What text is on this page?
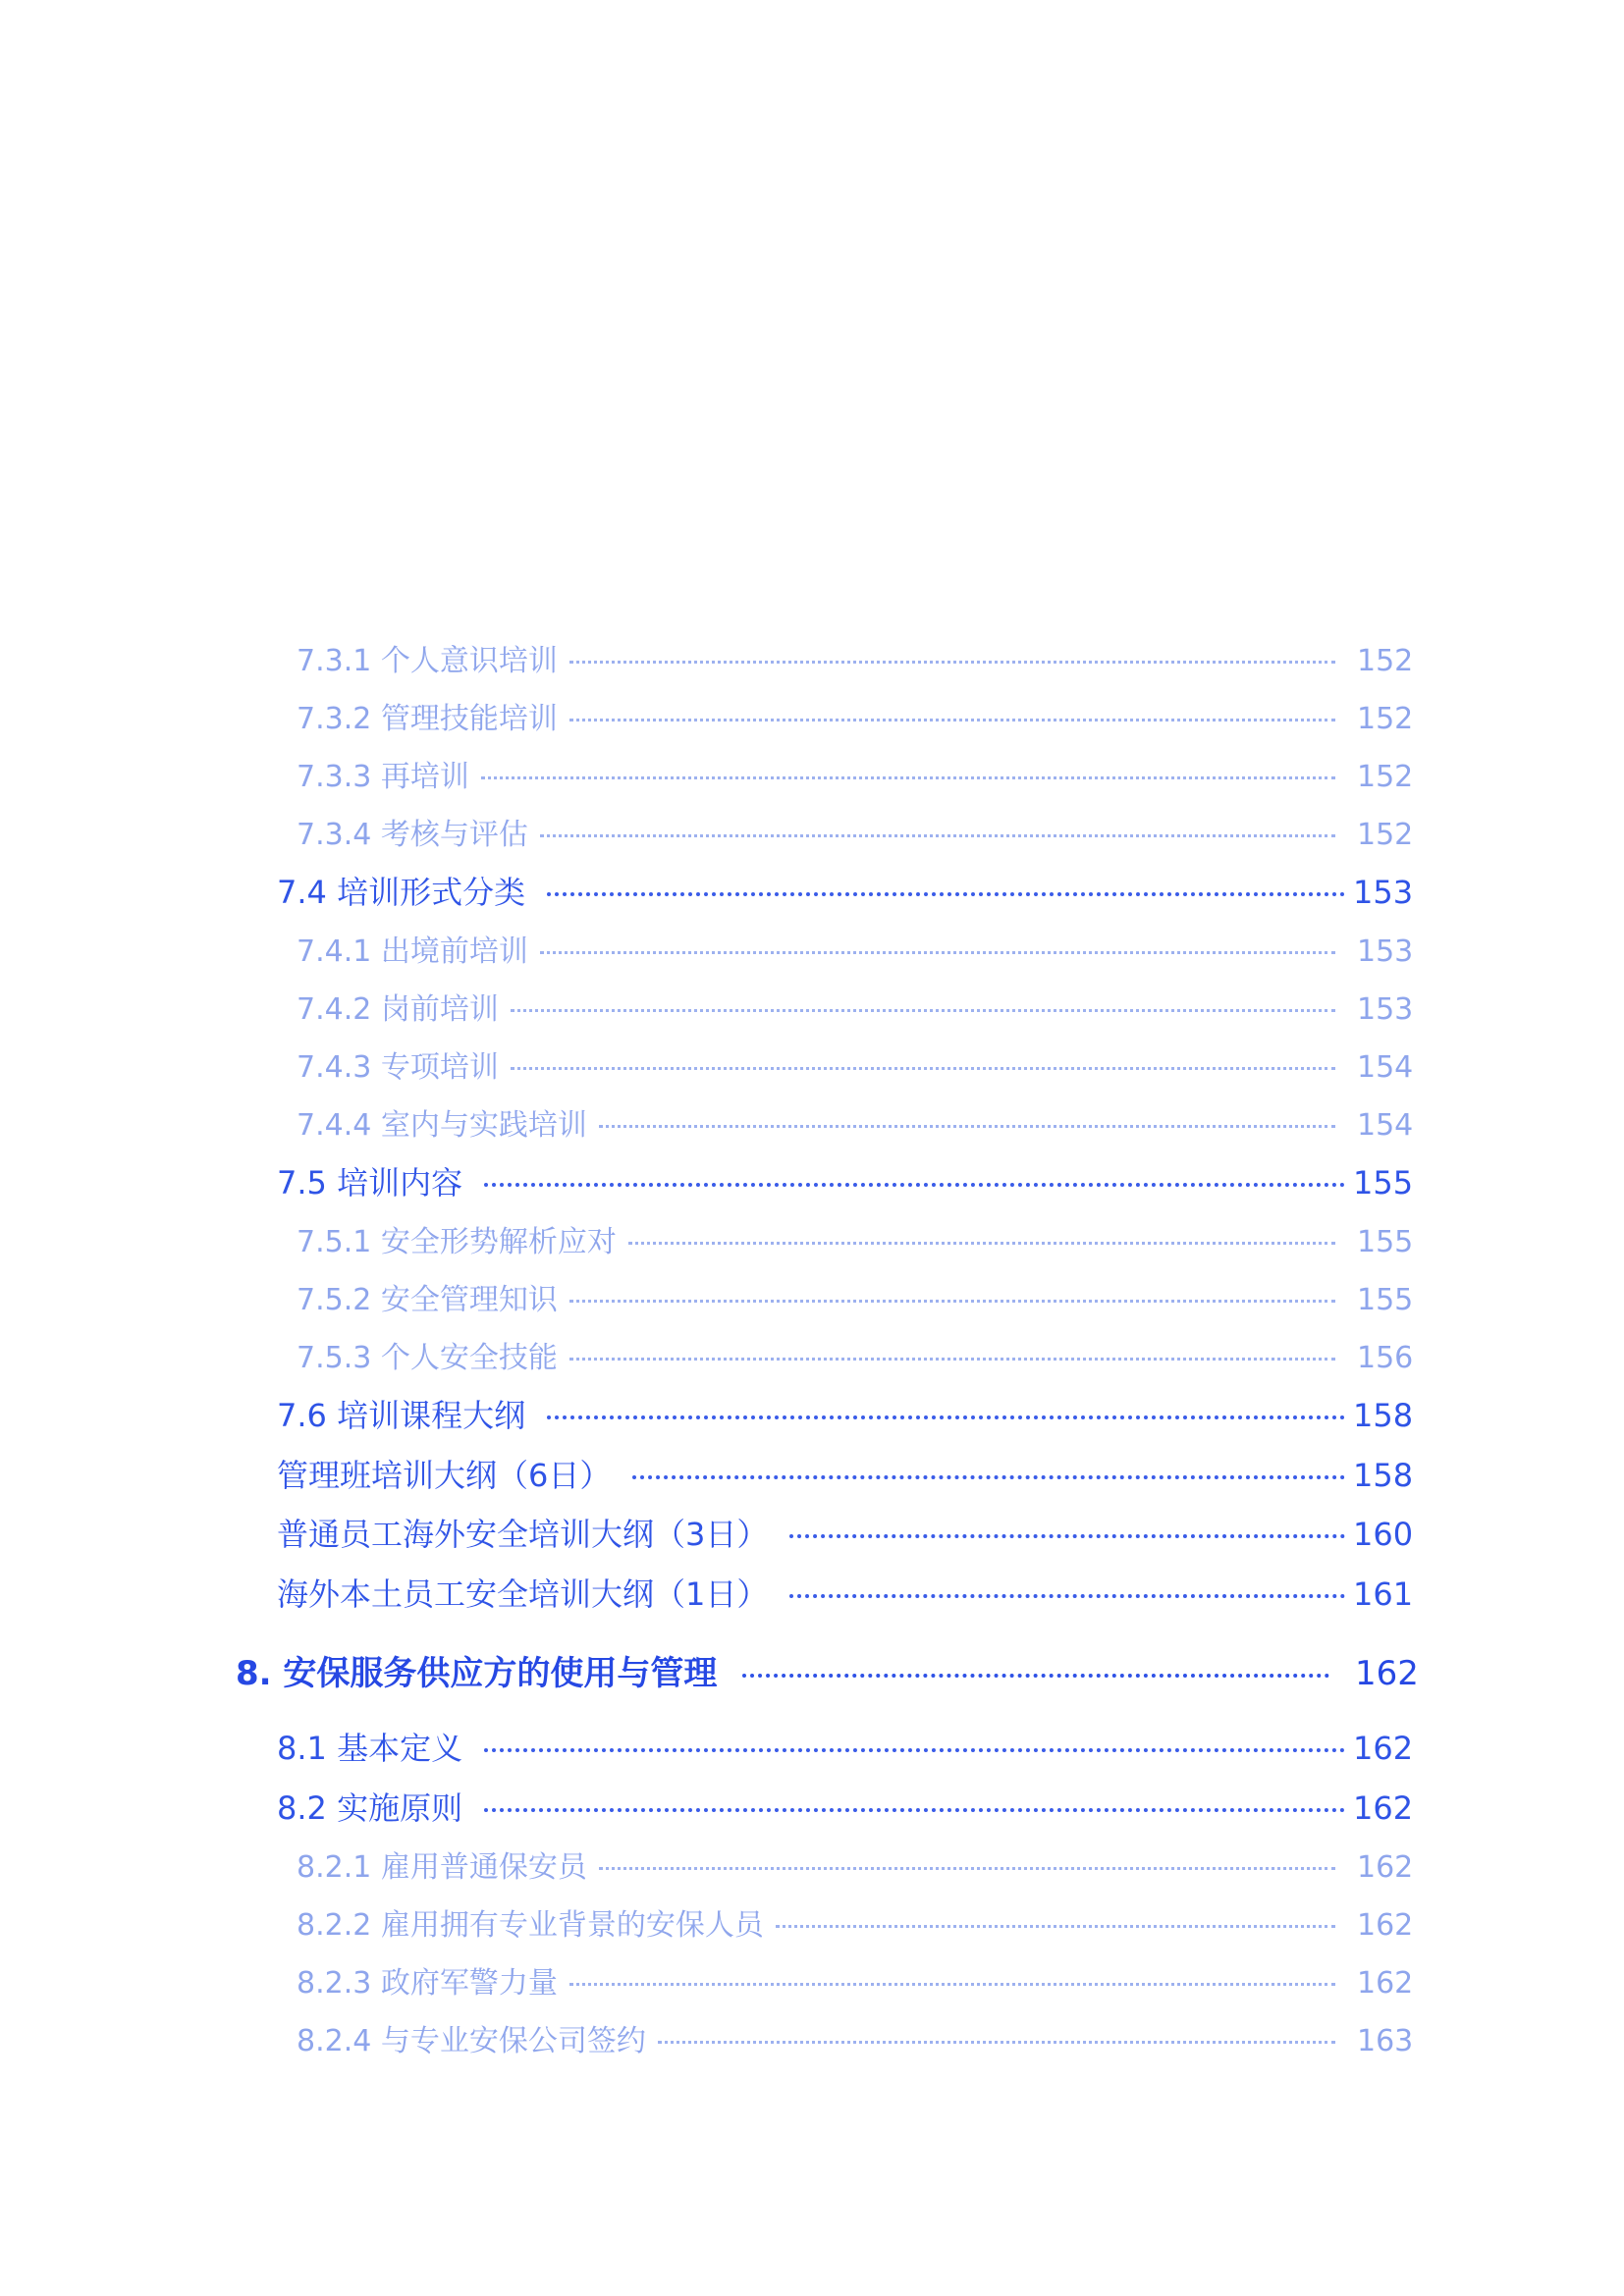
7.3.1 个人意识培训	152
7.3.2 管理技能培训	152
7.3.3 再培训	152
7.3.4 考核与评估	152
7.4 培训形式分类	153
7.4.1 出境前培训	153
7.4.2 岗前培训	153
7.4.3 专项培训	154
7.4.4 室内与实践培训	154
7.5 培训内容	155
7.5.1 安全形势解析应对	155
7.5.2 安全管理知识	155
7.5.3 个人安全技能	156
7.6 培训课程大纲	158
管理班培训大纲（6日）	158
普通员工海外安全培训大纲（3日）	160
海外本土员工安全培训大纲（1日）	161
8. 安保服务供应方的使用与管理	162
8.1 基本定义	162
8.2 实施原则	162
8.2.1 雇用普通保安员	162
8.2.2 雇用拥有专业背景的安保人员	162
8.2.3 政府军警力量	162
8.2.4 与专业安保公司签约	163
